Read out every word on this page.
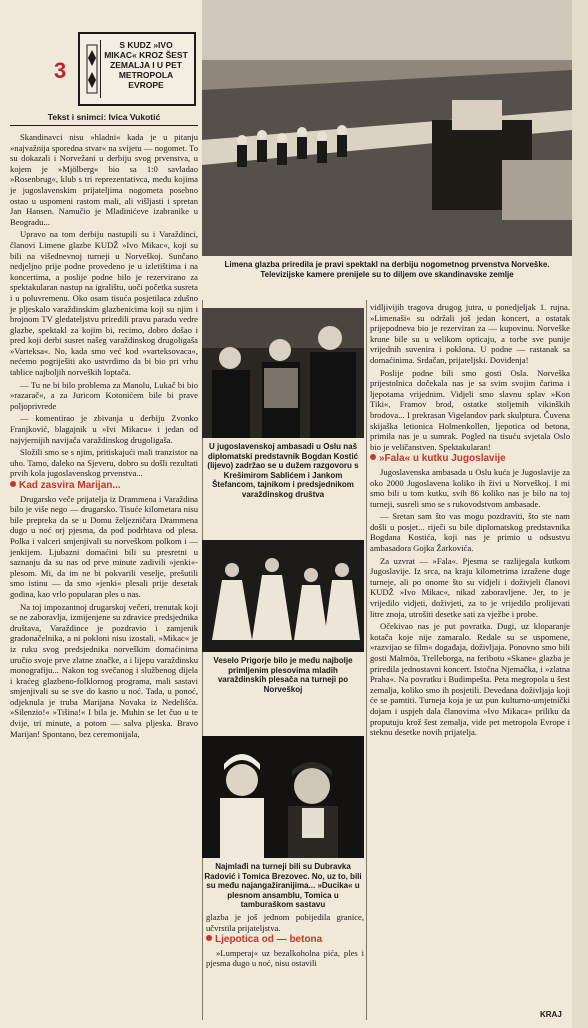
3
S KUDZ »IVO MIKAC« KROZ ŠEST ZEMALJA I U PET METROPOLA EVROPE
Tekst i snimci: Ivica Vukotić

Skandinavci nisu »hladni« kada je u pitanju »najvažnija sporedna stvar« na svijetu — nogomet. To su dokazali i Norvežani u derbiju svog prvenstva, u kojem je »Mjölberg« bio sa 1:0 savladao »Rosenbrug«, klub s tri reprezentativca, među kojima je jugoslavenskim prijateljima nogometa posebno ostao u uspomeni rastom mali, ali višljasti i spretan Jan Hansen. Namučio je Mladinićeve izabranike u Beogradu...

Upravo na tom derbiju nastupili su i Varaždinci, članovi Limene glazbe KUDŽ »Ivo Mikac«, koji su bili na višednevnoj turneji u Norveškoj. Sunčano nedjeljno prije podne provedeno je u izletištima i na koncertima, a poslije podne bilo je rezervirano za spektakularan nastup na igralištu, uoči početka susreta i u poluvremenu. Oko osam tisuća posjetilaca zdušno je pljeskalo varaždinskim glazbenicima koji su njim i brojnom TV gledateljstvu priredili pravu paradu vedre glazbe, spektakl za kojim bi, recimo, dobro došao i pred koji derbi susret našeg varaždinskog drugoligaša »Varteksa«. No, kada smo već kod »varteksovaca«, nećemo pogriješiti ako ustvrdimo da bi bio pri vrhu tablice najboljih norveških loptača.

— Tu ne bi bilo problema za Manolu, Lukač bi bio »razarač«, a za Juricom Kotonićem bile bi prave poljoprivrede

— komentirao je zbivanja u derbiju Zvonko Franjković, blagajnik u »Ivi Mikacu« i jedan od najvjernijih navijača varaždinskog drugoligaša.

Složili smo se s njim, pritiskajući mali tranzistor na uho. Tamo, daleko na Sjeveru, dobro su došli rezultati prvih kola jugoslavenskog prvenstva...

Kad zasvira Marijan...

Drugarsko veče prijatelja iz Drammena i Varaždina bilo je više nego — drugarsko. Tisuće kilometara nisu bile prepreka da se u Domu željezničara Drammena dugo u noć orj pjesma, da pod podrhtava od plesa. Polka i valceri smjenjivali su norveškom polkom i — jenkijem. Ljubazni domaćini bili su presretni u saznanju da su nas od prve minute zadivili »jenki«-plesom. Mi, da im ne bi pokvarili veselje, prešutili smo istinu — da smo »jenki« plesali prije desetak godina, kao vrlo popularan ples u nas.

Na toj impozantnoj drugarskoj večeri, trenutak koji se ne zaboravlja, izmijenjene su zdravice predsjednika društava, Varaždince je pozdravio i zamjenik gradonačelnika, a ni pokloni nisu izostali. »Mikac« je iz ruku svog predsjednika norveškim domaćinima uručio svoje prve zlatne značke, a i lijepu varaždinsku monografiju... Nakon tog svečanog i službenog dijela i kraćeg glazbeno-folklornog programa, mali sastavi smjenjivali su se sve do kasno u noć. Tada, u ponoć, odjeknula je truba Marijana Novaka iz Nedelišća. »Silenzio!« »Tišina!« I bila je. Muhin se let čuo u te dvije, tri minute, a potom — salva pljeska. Bravo Marijan! Spontano, bez ceremonijala,

Limena glazba priredila je pravi spektakl na derbiju nogometnog prvenstva Norveške. Televizijske kamere prenijele su to diljem ove skandinavske zemlje
U jugoslavenskoj ambasadi u Oslu naš diplomatski predstavnik Bogdan Kostić (lijevo) zadržao se u dužem razgovoru s Krešimirom Sablićem i Jankom Štefancom, tajnikom i predsjednikom varaždinskog društva
Veselo Prigorje bilo je među najbolje primljenim plesovima mladih varaždinskih plesača na turneji po Norveškoj
Najmlađi na turneji bili su Dubravka Radović i Tomica Brezovec. No, uz to, bili su među najangažiranijima... »Ducika« u plesnom ansamblu, Tomica u tamburaškom sastavu

glazba je još jednom pobijedila granice, učvrstila prijateljstva.

Ljepotica od — betona

»Lumperaj« uz bezalkoholna pića, ples i pjesma dugo u noć, nisu ostavili

vidljivijih tragova drugog jutra, u ponedjeljak 1. rujna. »Limenaši« su održali još jedan koncert, a ostatak prijepodneva bio je rezerviran za — kupovinu. Norveške krune bile su u velikom opticaju, a torbe sve punije vrijednih suvenira i poklona. U podne — rastanak sa domaćinima. Srdačan, prijateljski. Doviđenja!

Poslije podne bili smo gosti Osla. Norveška prijestolnica dočekala nas je sa svim svojim čarima i ljepotama vrijednim. Vidjeli smo slavnu splav »Kon Tiki«, Framov brod, ostatke stoljetnih vikinških brodova... I prekrasan Vigelandov park skulptura. Čuvena skijaška letionica Holmenkollen, ljepotica od betona, primila nas je u sumrak. Pogled na tisuću svjetala Oslo bio je veličanstven. Spektakularan!

»Fala« u kutku Jugoslavije

Jugoslavenska ambasada u Oslu kuća je Jugoslavije za oko 2000 Jugoslavena koliko ih živi u Norveškoj. I mi smo bili u tom kutku, svih 86 koliko nas je bilo na toj turneji, susreli smo se s rukovodstvom ambasade.

— Sretan sam što vas mogu pozdraviti, što ste nam došli u posjet... riječi su bile diplomatskog predstavnika Bogdana Kostića, koji nas je primio u odsustvu ambasadora Gojka Žarkovića.

Za uzvrat — »Fala«. Pjesma se razlijegala kutkom Jugoslavije. Iz srca, na kraju kilometrima izražene duge turneje, ali po onome što su vidjeli i doživjeli članovi KUDŽ »Ivo Mikac«, nikad zaboravljene. Jer, to je vrijedilo vidjeti, doživjeti, za to je vrijedilo prolijevati litre znoja, utrošiti desetke sati za vježbe i probe.

Očekivao nas je put povratka. Dugi, uz kloparanje kotača koje nije zamaralo. Redale su se uspomene, »razvijao se film« događaja, doživljaja. Ponovno smo bili gosti Malmöa, Trelleborga, na feribotu »Skane« glazba je priredila jednostavni koncert. Istočna Njemačka, i »zlatna Praha«. Na povratku i Budimpešta. Peta megropola u šest zemalja, koliko smo ih posjetili. Devedana doživljaja koji će se pamtiti. Turneja koja je uz pun kulturno-umjetnički dojam i uspjeh dala članovima »Ivo Mikaca« priliku da proputuju krož šest zemalja, vide pet metropola Evrope i steknu desetke novih prijateljа.

KRAJ
